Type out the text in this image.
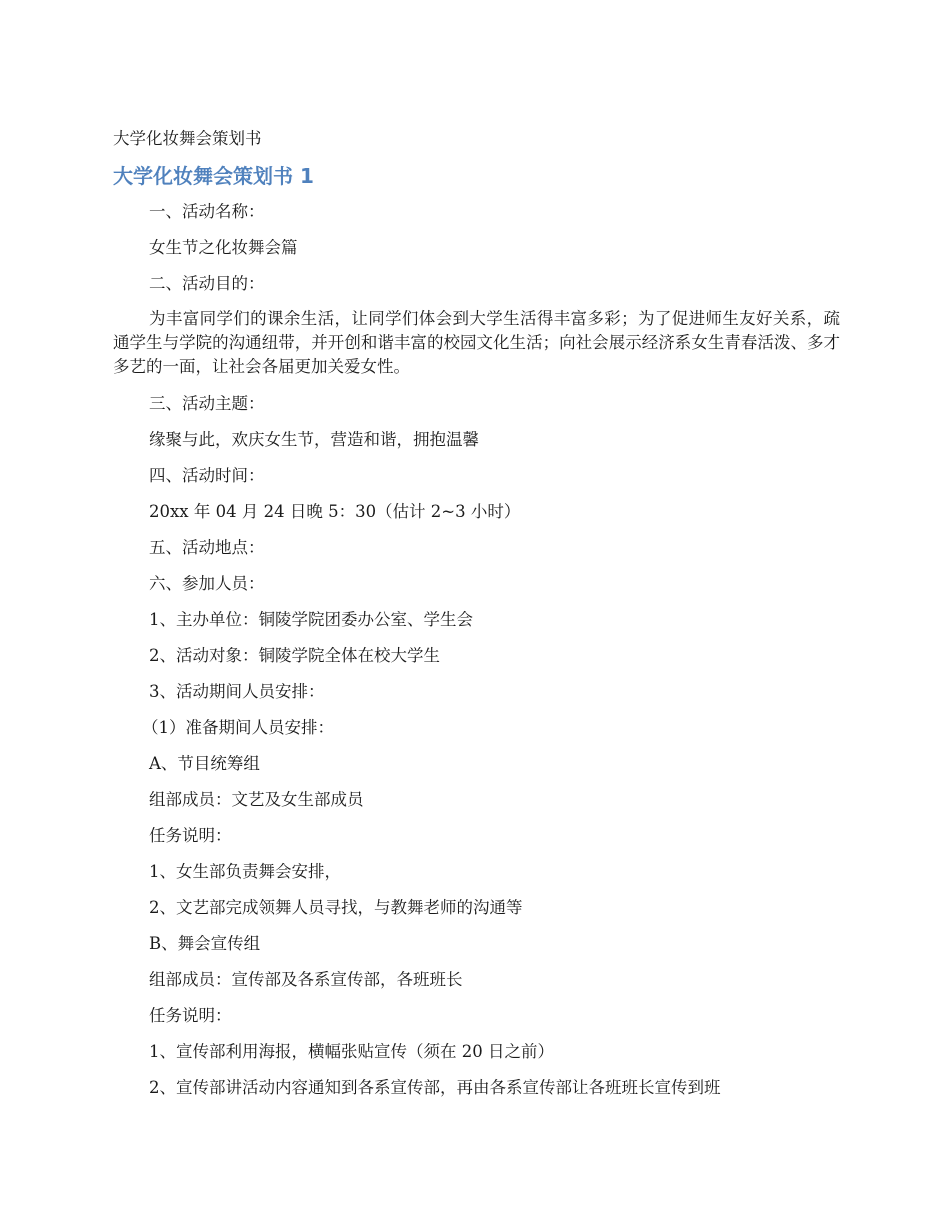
大学化妆舞会策划书
大学化妆舞会策划书 1

一、活动名称：

女生节之化妆舞会篇

二、活动目的：

为丰富同学们的课余生活，让同学们体会到大学生活得丰富多彩；为了促进师生友好关系，疏通学生与学院的沟通纽带，并开创和谐丰富的校园文化生活；向社会展示经济系女生青春活泼、多才多艺的一面，让社会各届更加关爱女性。

三、活动主题：

缘聚与此，欢庆女生节，营造和谐，拥抱温馨

四、活动时间：

20xx 年 04 月 24 日晚 5：30（估计 2~3 小时）

五、活动地点：

六、参加人员：

1、主办单位：铜陵学院团委办公室、学生会

2、活动对象：铜陵学院全体在校大学生

3、活动期间人员安排：

（1）准备期间人员安排：

A、节目统筹组

组部成员：文艺及女生部成员

任务说明：

1、女生部负责舞会安排，

2、文艺部完成领舞人员寻找，与教舞老师的沟通等

B、舞会宣传组

组部成员：宣传部及各系宣传部，各班班长

任务说明：

1、宣传部利用海报，横幅张贴宣传（须在 20 日之前）

2、宣传部讲活动内容通知到各系宣传部，再由各系宣传部让各班班长宣传到班
